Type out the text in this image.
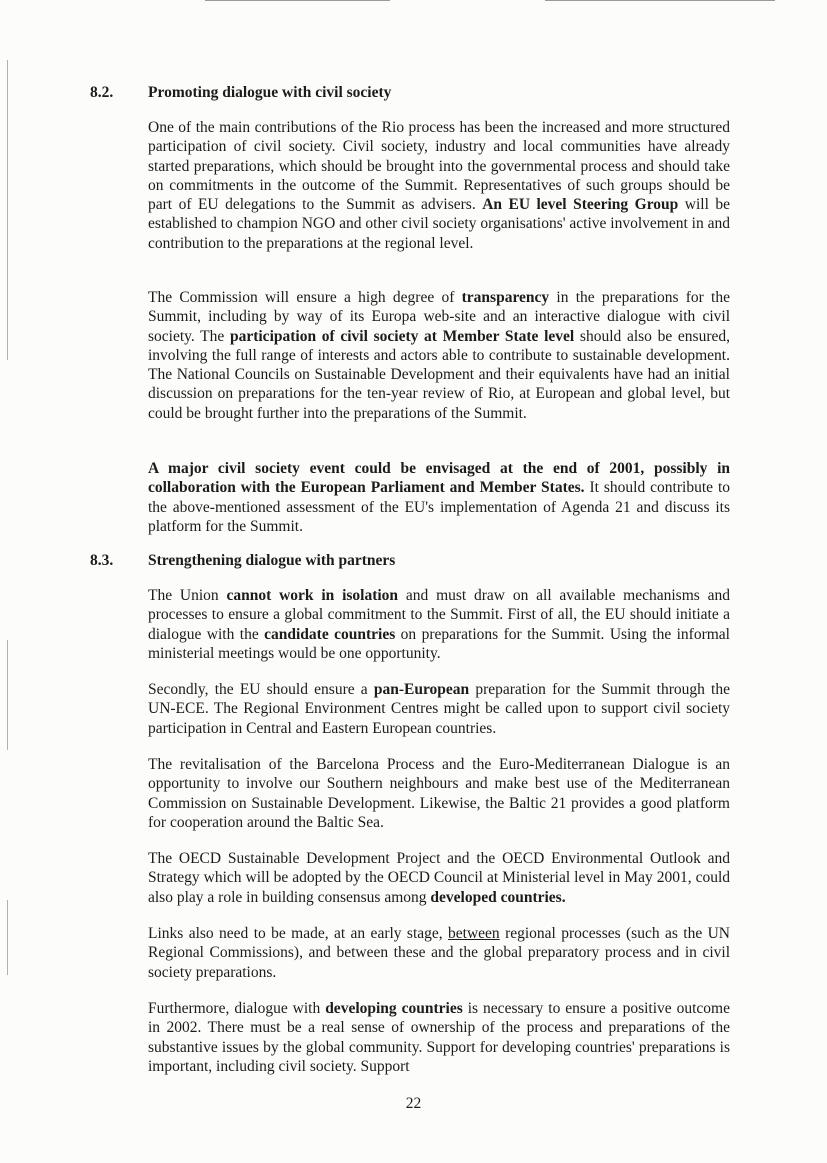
8.2. Promoting dialogue with civil society

One of the main contributions of the Rio process has been the increased and more structured participation of civil society. Civil society, industry and local communities have already started preparations, which should be brought into the governmental process and should take on commitments in the outcome of the Summit. Representatives of such groups should be part of EU delegations to the Summit as advisers. An EU level Steering Group will be established to champion NGO and other civil society organisations' active involvement in and contribution to the preparations at the regional level.

The Commission will ensure a high degree of transparency in the preparations for the Summit, including by way of its Europa web-site and an interactive dialogue with civil society. The participation of civil society at Member State level should also be ensured, involving the full range of interests and actors able to contribute to sustainable development. The National Councils on Sustainable Development and their equivalents have had an initial discussion on preparations for the ten-year review of Rio, at European and global level, but could be brought further into the preparations of the Summit.

A major civil society event could be envisaged at the end of 2001, possibly in collaboration with the European Parliament and Member States. It should contribute to the above-mentioned assessment of the EU's implementation of Agenda 21 and discuss its platform for the Summit.

8.3. Strengthening dialogue with partners

The Union cannot work in isolation and must draw on all available mechanisms and processes to ensure a global commitment to the Summit. First of all, the EU should initiate a dialogue with the candidate countries on preparations for the Summit. Using the informal ministerial meetings would be one opportunity.

Secondly, the EU should ensure a pan-European preparation for the Summit through the UN-ECE. The Regional Environment Centres might be called upon to support civil society participation in Central and Eastern European countries.

The revitalisation of the Barcelona Process and the Euro-Mediterranean Dialogue is an opportunity to involve our Southern neighbours and make best use of the Mediterranean Commission on Sustainable Development. Likewise, the Baltic 21 provides a good platform for cooperation around the Baltic Sea.

The OECD Sustainable Development Project and the OECD Environmental Outlook and Strategy which will be adopted by the OECD Council at Ministerial level in May 2001, could also play a role in building consensus among developed countries.

Links also need to be made, at an early stage, between regional processes (such as the UN Regional Commissions), and between these and the global preparatory process and in civil society preparations.

Furthermore, dialogue with developing countries is necessary to ensure a positive outcome in 2002. There must be a real sense of ownership of the process and preparations of the substantive issues by the global community. Support for developing countries' preparations is important, including civil society. Support

22
